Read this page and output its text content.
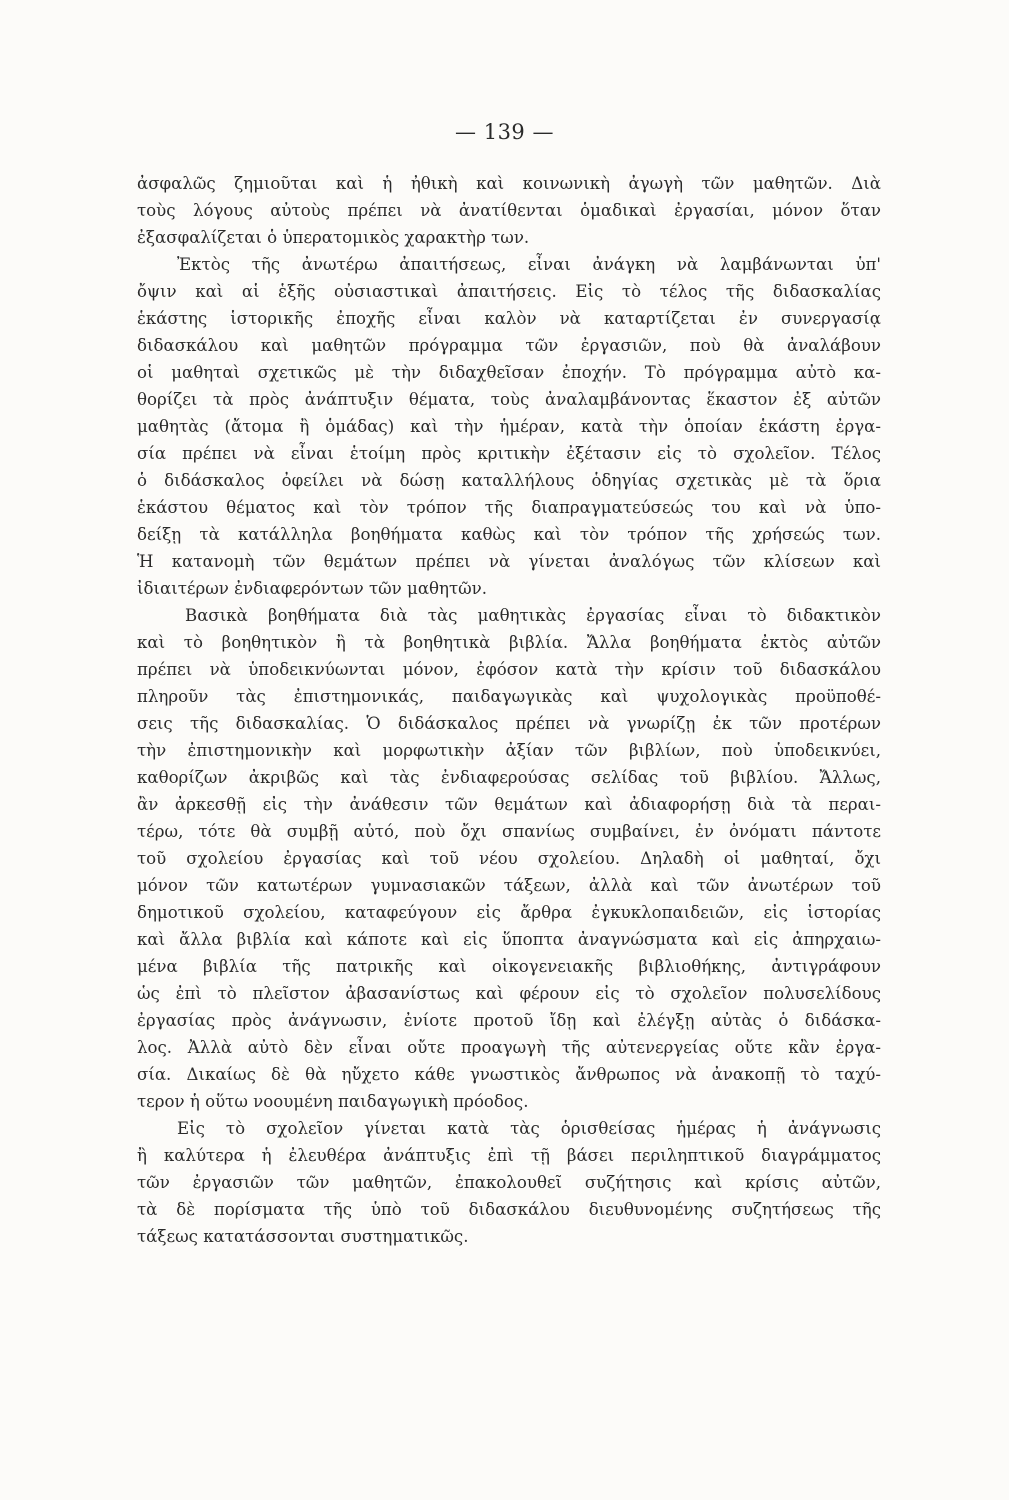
— 139 —
ἀσφαλῶς ζημιοῦται καὶ ἡ ἠθικὴ καὶ κοινωνικὴ ἀγωγὴ τῶν μαθητῶν. Διὰ
τοὺς λόγους αὐτοὺς πρέπει νὰ ἀνατίθενται ὁμαδικαὶ ἐργασίαι, μόνον ὅταν
ἐξασφαλίζεται ὁ ὑπερατομικὸς χαρακτὴρ των.
Ἐκτὸς τῆς ἀνωτέρω ἀπαιτήσεως, εἶναι ἀνάγκη νὰ λαμβάνωνται ὑπ'
ὄψιν καὶ αἱ ἑξῆς οὐσιαστικαὶ ἀπαιτήσεις. Εἰς τὸ τέλος τῆς διδασκαλίας
ἑκάστης ἱστορικῆς ἐποχῆς εἶναι καλὸν νὰ καταρτίζεται ἐν συνεργασίᾳ
διδασκάλου καὶ μαθητῶν πρόγραμμα τῶν ἐργασιῶν, ποὺ θὰ ἀναλάβουν
οἱ μαθηταὶ σχετικῶς μὲ τὴν διδαχθεῖσαν ἐποχήν. Τὸ πρόγραμμα αὐτὸ κα-
θορίζει τὰ πρὸς ἀνάπτυξιν θέματα, τοὺς ἀναλαμβάνοντας ἕκαστον ἐξ αὐτῶν
μαθητὰς (ἄτομα ἢ ὁμάδας) καὶ τὴν ἡμέραν, κατὰ τὴν ὁποίαν ἑκάστη ἐργα-
σία πρέπει νὰ εἶναι ἑτοίμη πρὸς κριτικὴν ἐξέτασιν εἰς τὸ σχολεῖον. Τέλος
ὁ διδάσκαλος ὀφείλει νὰ δώσῃ καταλλήλους ὁδηγίας σχετικὰς μὲ τὰ ὅρια
ἑκάστου θέματος καὶ τὸν τρόπον τῆς διαπραγματεύσεώς του καὶ νὰ ὑπο-
δείξῃ τὰ κατάλληλα βοηθήματα καθὼς καὶ τὸν τρόπον τῆς χρήσεώς των.
Ἡ κατανομὴ τῶν θεμάτων πρέπει νὰ γίνεται ἀναλόγως τῶν κλίσεων καὶ
ἰδιαιτέρων ἐνδιαφερόντων τῶν μαθητῶν.
Βασικὰ βοηθήματα διὰ τὰς μαθητικὰς ἐργασίας εἶναι τὸ διδακτικὸν
καὶ τὸ βοηθητικὸν ἢ τὰ βοηθητικὰ βιβλία. Ἄλλα βοηθήματα ἐκτὸς αὐτῶν
πρέπει νὰ ὑποδεικνύωνται μόνον, ἐφόσον κατὰ τὴν κρίσιν τοῦ διδασκάλου
πληροῦν τὰς ἐπιστημονικάς, παιδαγωγικὰς καὶ ψυχολογικὰς προϋποθέ-
σεις τῆς διδασκαλίας. Ὁ διδάσκαλος πρέπει νὰ γνωρίζῃ ἐκ τῶν προτέρων
τὴν ἐπιστημονικὴν καὶ μορφωτικὴν ἀξίαν τῶν βιβλίων, ποὺ ὑποδεικνύει,
καθορίζων ἀκριβῶς καὶ τὰς ἐνδιαφερούσας σελίδας τοῦ βιβλίου. Ἄλλως,
ἂν ἀρκεσθῇ εἰς τὴν ἀνάθεσιν τῶν θεμάτων καὶ ἀδιαφορήσῃ διὰ τὰ περαι-
τέρω, τότε θὰ συμβῇ αὐτό, ποὺ ὄχι σπανίως συμβαίνει, ἐν ὀνόματι πάντοτε
τοῦ σχολείου ἐργασίας καὶ τοῦ νέου σχολείου. Δηλαδὴ οἱ μαθηταί, ὄχι
μόνον τῶν κατωτέρων γυμνασιακῶν τάξεων, ἀλλὰ καὶ τῶν ἀνωτέρων τοῦ
δημοτικοῦ σχολείου, καταφεύγουν εἰς ἄρθρα ἐγκυκλοπαιδειῶν, εἰς ἱστορίας
καὶ ἄλλα βιβλία καὶ κάποτε καὶ εἰς ὕποπτα ἀναγνώσματα καὶ εἰς ἀπηρχαιω-
μένα βιβλία τῆς πατρικῆς καὶ οἰκογενειακῆς βιβλιοθήκης, ἀντιγράφουν
ὡς ἐπὶ τὸ πλεῖστον ἀβασανίστως καὶ φέρουν εἰς τὸ σχολεῖον πολυσελίδους
ἐργασίας πρὸς ἀνάγνωσιν, ἐνίοτε προτοῦ ἴδῃ καὶ ἐλέγξῃ αὐτὰς ὁ διδάσκα-
λος. Ἀλλὰ αὐτὸ δὲν εἶναι οὔτε προαγωγὴ τῆς αὐτενεργείας οὔτε κἂν ἐργα-
σία. Δικαίως δὲ θὰ ηὔχετο κάθε γνωστικὸς ἄνθρωπος νὰ ἀνακοπῇ τὸ ταχύ-
τερον ἡ οὕτω νοουμένη παιδαγωγικὴ πρόοδος.
Εἰς τὸ σχολεῖον γίνεται κατὰ τὰς ὁρισθείσας ἡμέρας ἡ ἀνάγνωσις
ἢ καλύτερα ἡ ἐλευθέρα ἀνάπτυξις ἐπὶ τῇ βάσει περιληπτικοῦ διαγράμματος
τῶν ἐργασιῶν τῶν μαθητῶν, ἐπακολουθεῖ συζήτησις καὶ κρίσις αὐτῶν,
τὰ δὲ πορίσματα τῆς ὑπὸ τοῦ διδασκάλου διευθυνομένης συζητήσεως τῆς
τάξεως κατατάσσονται συστηματικῶς.
